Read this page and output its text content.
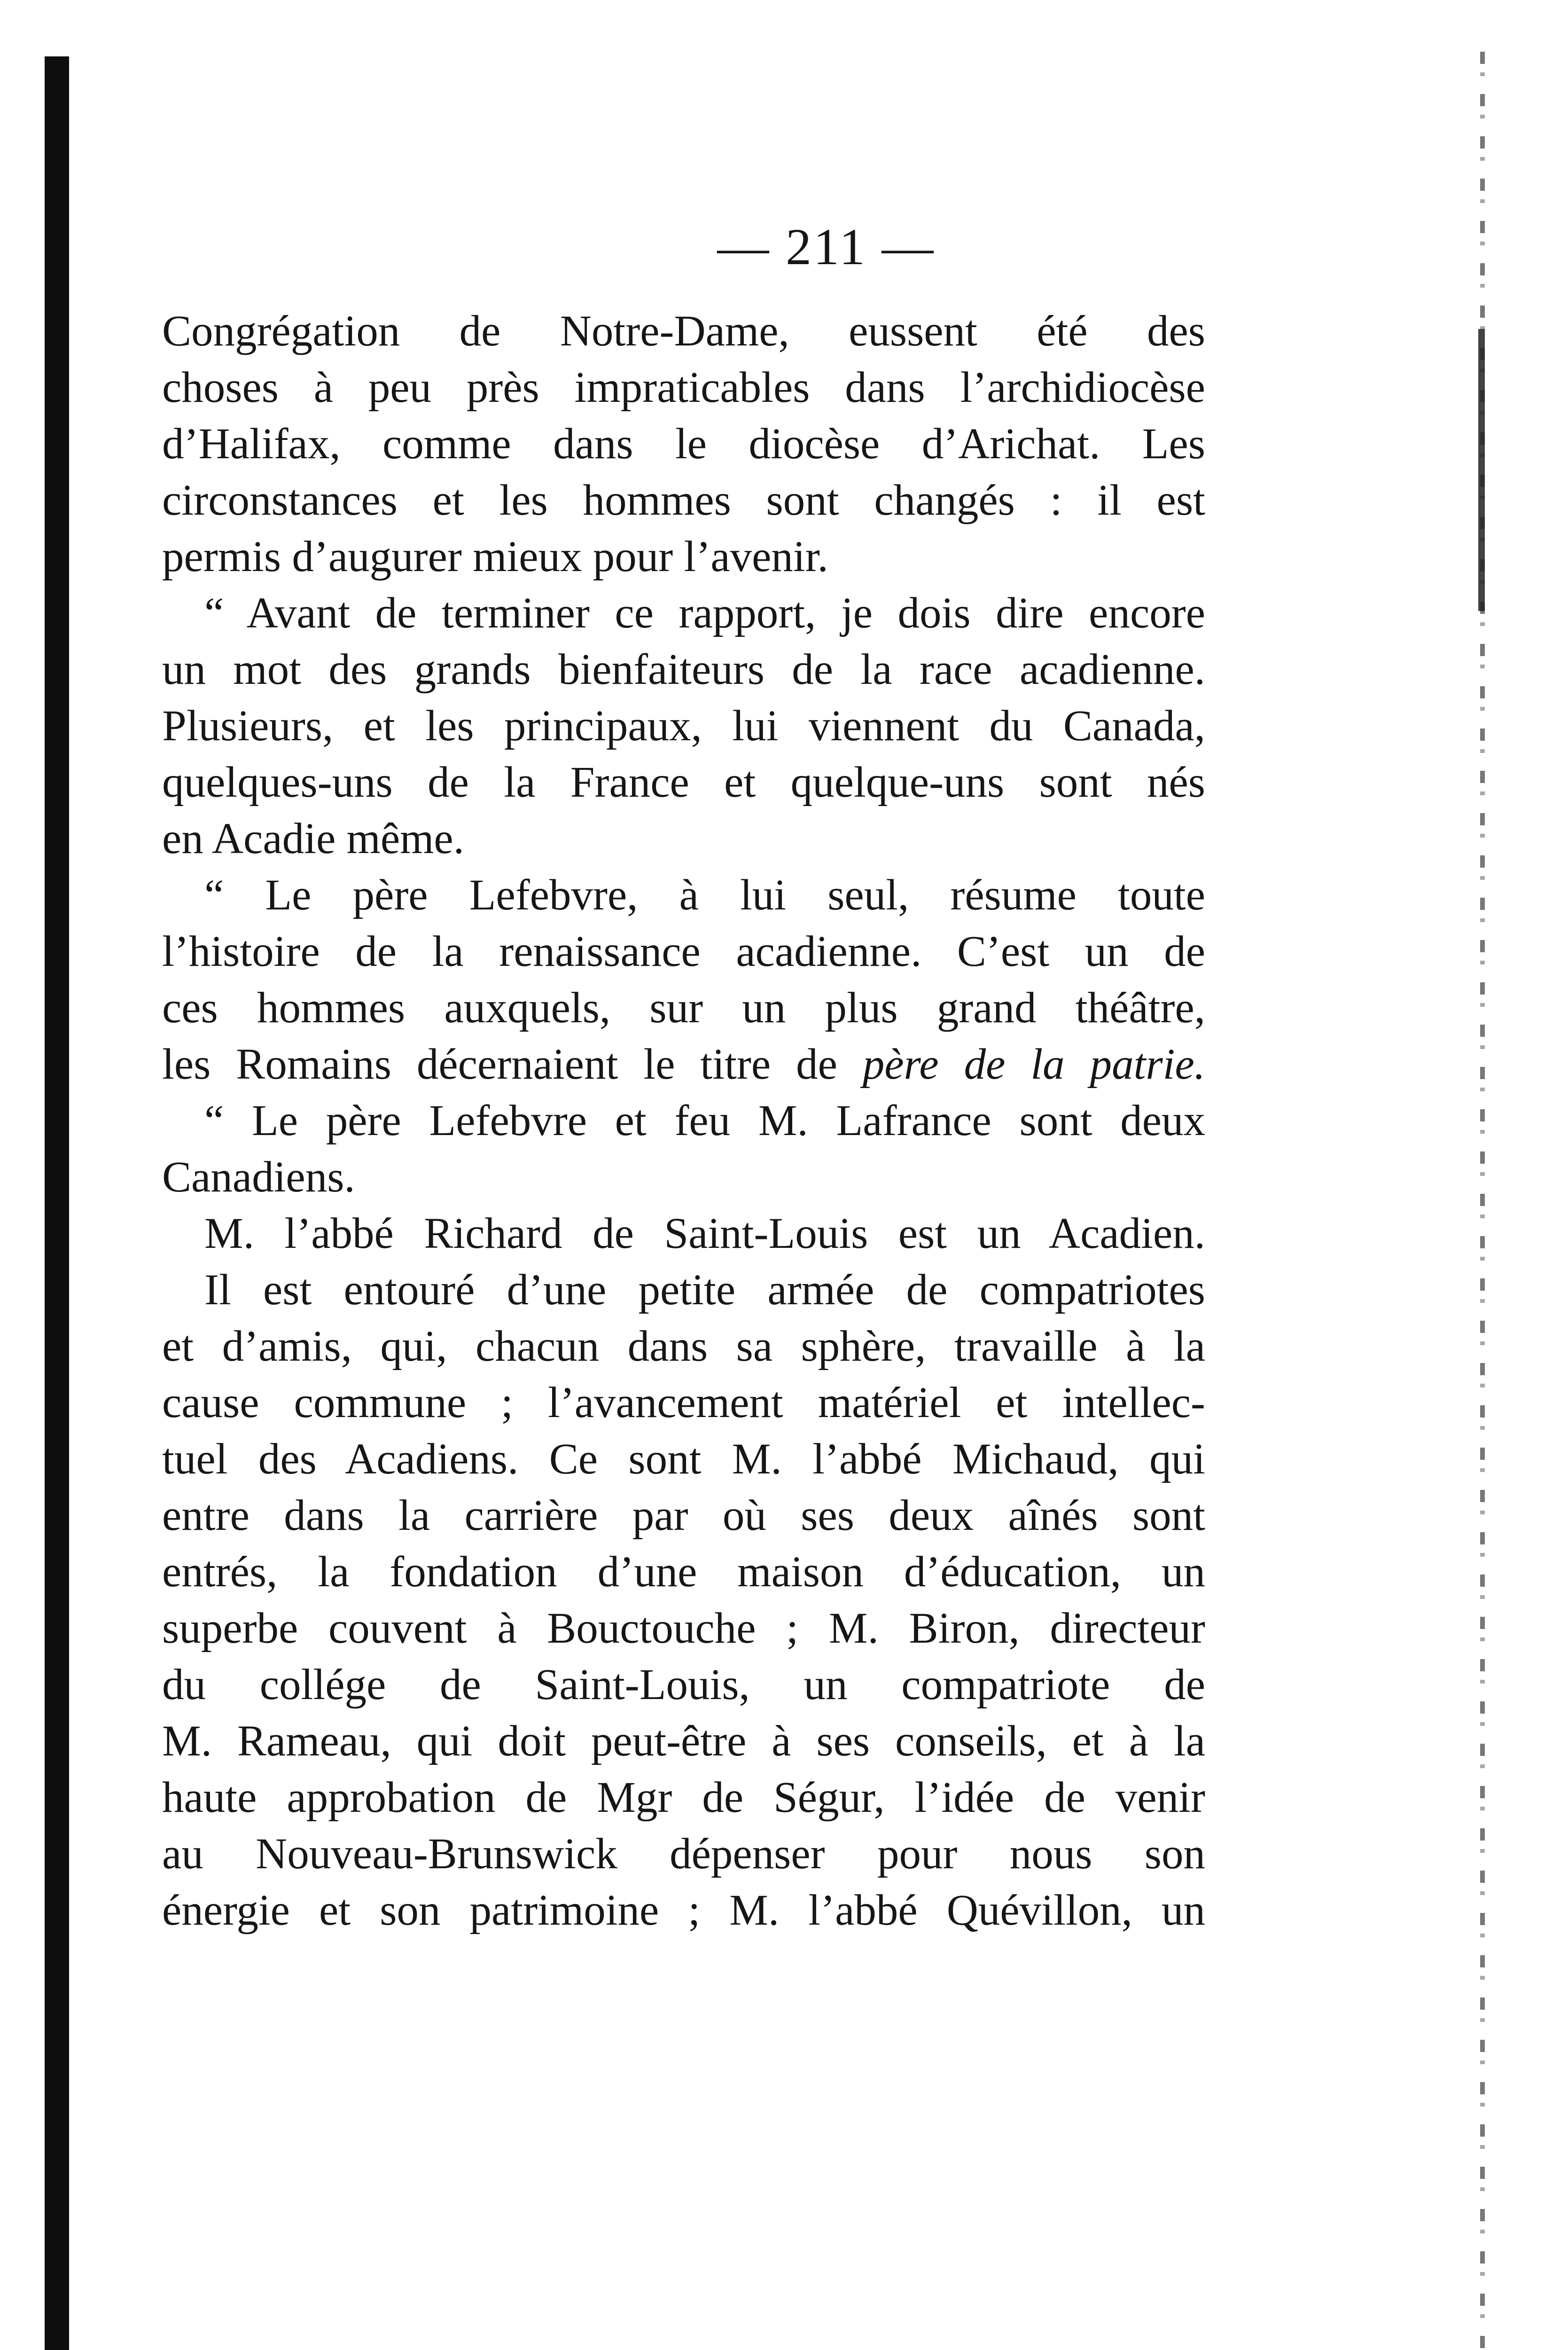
— 211 —
Congrégation de Notre-Dame, eussent été des
choses à peu près impraticables dans l’archidiocèse
d’Halifax, comme dans le diocèse d’Arichat. Les
circonstances et les hommes sont changés : il est
permis d’augurer mieux pour l’avenir.
“ Avant de terminer ce rapport, je dois dire encore
un mot des grands bienfaiteurs de la race acadienne.
Plusieurs, et les principaux, lui viennent du Canada,
quelques-uns de la France et quelque-uns sont nés
en Acadie même.
“ Le père Lefebvre, à lui seul, résume toute
l’histoire de la renaissance acadienne. C’est un de
ces hommes auxquels, sur un plus grand théâtre,
les Romains décernaient le titre de père de la patrie.
“ Le père Lefebvre et feu M. Lafrance sont deux
Canadiens.
M. l’abbé Richard de Saint-Louis est un Acadien.
Il est entouré d’une petite armée de compatriotes
et d’amis, qui, chacun dans sa sphère, travaille à la
cause commune ; l’avancement matériel et intellec-
tuel des Acadiens. Ce sont M. l’abbé Michaud, qui
entre dans la carrière par où ses deux aînés sont
entrés, la fondation d’une maison d’éducation, un
superbe couvent à Bouctouche ; M. Biron, directeur
du collége de Saint-Louis, un compatriote de
M. Rameau, qui doit peut-être à ses conseils, et à la
haute approbation de Mgr de Ségur, l’idée de venir
au Nouveau-Brunswick dépenser pour nous son
énergie et son patrimoine ; M. l’abbé Quévillon, un
